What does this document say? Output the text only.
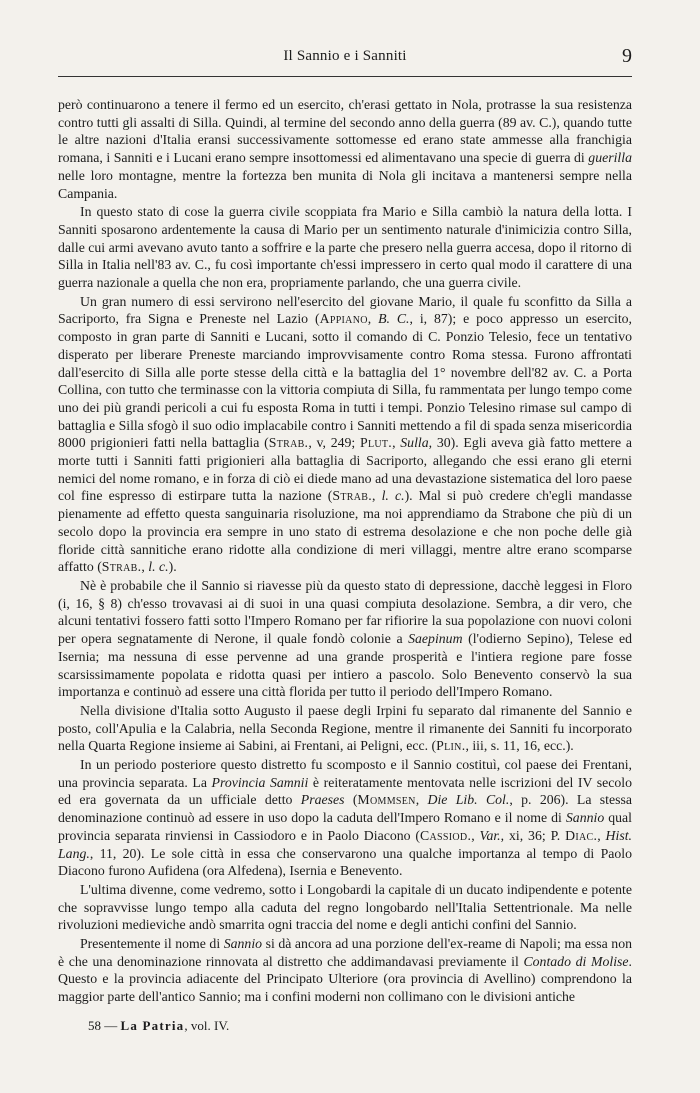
Il Sannio e i Sanniti	9

però continuarono a tenere il fermo ed un esercito, ch'erasi gettato in Nola, protrasse la sua resistenza contro tutti gli assalti di Silla. Quindi, al termine del secondo anno della guerra (89 av. C.), quando tutte le altre nazioni d'Italia eransi successivamente sottomesse ed erano state ammesse alla franchigia romana, i Sanniti e i Lucani erano sempre insottomessi ed alimentavano una specie di guerra di guerilla nelle loro montagne, mentre la fortezza ben munita di Nola gli incitava a mantenersi sempre nella Campania.

In questo stato di cose la guerra civile scoppiata fra Mario e Silla cambiò la natura della lotta. I Sanniti sposarono ardentemente la causa di Mario per un sentimento naturale d'inimicizia contro Silla, dalle cui armi avevano avuto tanto a soffrire e la parte che presero nella guerra accesa, dopo il ritorno di Silla in Italia nell'83 av. C., fu così importante ch'essi impressero in certo qual modo il carattere di una guerra nazionale a quella che non era, propriamente parlando, che una guerra civile.

Un gran numero di essi servirono nell'esercito del giovane Mario, il quale fu sconfitto da Silla a Sacriporto, fra Signa e Preneste nel Lazio (Appiano, B. C., i, 87); e poco appresso un esercito, composto in gran parte di Sanniti e Lucani, sotto il comando di C. Ponzio Telesio, fece un tentativo disperato per liberare Preneste marciando improvvisamente contro Roma stessa. Furono affrontati dall'esercito di Silla alle porte stesse della città e la battaglia del 1° novembre dell'82 av. C. a Porta Collina, con tutto che terminasse con la vittoria compiuta di Silla, fu rammentata per lungo tempo come uno dei più grandi pericoli a cui fu esposta Roma in tutti i tempi. Ponzio Telesino rimase sul campo di battaglia e Silla sfogò il suo odio implacabile contro i Sanniti mettendo a fil di spada senza misericordia 8000 prigionieri fatti nella battaglia (Strab., v, 249; Plut., Sulla, 30). Egli aveva già fatto mettere a morte tutti i Sanniti fatti prigionieri alla battaglia di Sacriporto, allegando che essi erano gli eterni nemici del nome romano, e in forza di ciò ei diede mano ad una devastazione sistematica del loro paese col fine espresso di estirpare tutta la nazione (Strab., l. c.). Mal si può credere ch'egli mandasse pienamente ad effetto questa sanguinaria risoluzione, ma noi apprendiamo da Strabone che più di un secolo dopo la provincia era sempre in uno stato di estrema desolazione e che non poche delle già floride città sannitiche erano ridotte alla condizione di meri villaggi, mentre altre erano scomparse affatto (Strab., l. c.).

Nè è probabile che il Sannio si riavesse più da questo stato di depressione, dacchè leggesi in Floro (i, 16, § 8) ch'esso trovavasi ai di suoi in una quasi compiuta desolazione. Sembra, a dir vero, che alcuni tentativi fossero fatti sotto l'Impero Romano per far rifiorire la sua popolazione con nuovi coloni per opera segnatamente di Nerone, il quale fondò colonie a Saepinum (l'odierno Sepino), Telese ed Isernia; ma nessuna di esse pervenne ad una grande prosperità e l'intiera regione pare fosse scarsissimamente popolata e ridotta quasi per intiero a pascolo. Solo Benevento conservò la sua importanza e continuò ad essere una città florida per tutto il periodo dell'Impero Romano.

Nella divisione d'Italia sotto Augusto il paese degli Irpini fu separato dal rimanente del Sannio e posto, coll'Apulia e la Calabria, nella Seconda Regione, mentre il rimanente dei Sanniti fu incorporato nella Quarta Regione insieme ai Sabini, ai Frentani, ai Peligni, ecc. (Plin., iii, s. 11, 16, ecc.).

In un periodo posteriore questo distretto fu scomposto e il Sannio costituì, col paese dei Frentani, una provincia separata. La Provincia Samnii è reiteratamente mentovata nelle iscrizioni del IV secolo ed era governata da un ufficiale detto Praeses (Mommsen, Die Lib. Col., p. 206). La stessa denominazione continuò ad essere in uso dopo la caduta dell'Impero Romano e il nome di Sannio qual provincia separata rinviensi in Cassiodoro e in Paolo Diacono (Cassiod., Var., xi, 36; P. Diac., Hist. Lang., 11, 20). Le sole città in essa che conservarono una qualche importanza al tempo di Paolo Diacono furono Aufidena (ora Alfedena), Isernia e Benevento.

L'ultima divenne, come vedremo, sotto i Longobardi la capitale di un ducato indipendente e potente che sopravvisse lungo tempo alla caduta del regno longobardo nell'Italia Settentrionale. Ma nelle rivoluzioni medieviche andò smarrita ogni traccia del nome e degli antichi confini del Sannio.

Presentemente il nome di Sannio si dà ancora ad una porzione dell'ex-reame di Napoli; ma essa non è che una denominazione rinnovata al distretto che addimandavasi previamente il Contado di Molise. Questo e la provincia adiacente del Principato Ulteriore (ora provincia di Avellino) comprendono la maggior parte dell'antico Sannio; ma i confini moderni non collimano con le divisioni antiche

58 — La Patria, vol. IV.
